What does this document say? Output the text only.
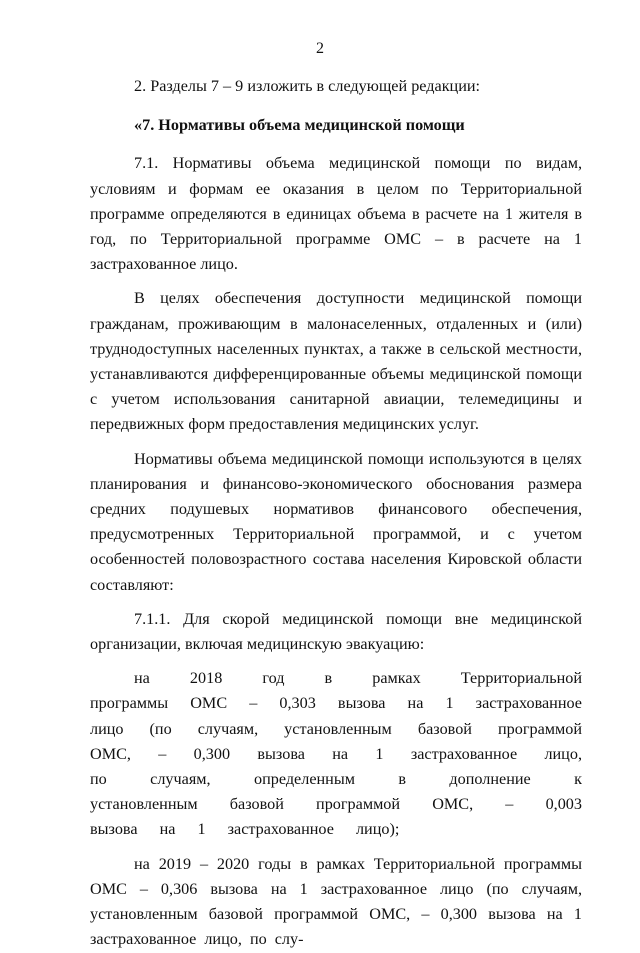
2

2. Разделы 7 – 9 изложить в следующей редакции:

«7. Нормативы объема медицинской помощи

7.1. Нормативы объема медицинской помощи по видам, условиям и формам ее оказания в целом по Территориальной программе определяются в единицах объема в расчете на 1 жителя в год, по Территориальной программе ОМС – в расчете на 1 застрахованное лицо.

В целях обеспечения доступности медицинской помощи гражданам, проживающим в малонаселенных, отдаленных и (или) труднодоступных населенных пунктах, а также в сельской местности, устанавливаются дифференцированные объемы медицинской помощи с учетом использования санитарной авиации, телемедицины и передвижных форм предоставления медицинских услуг.

Нормативы объема медицинской помощи используются в целях планирования и финансово-экономического обоснования размера средних подушевых нормативов финансового обеспечения, предусмотренных Территориальной программой, и с учетом особенностей половозрастного состава населения Кировской области составляют:

7.1.1. Для скорой медицинской помощи вне медицинской организации, включая медицинскую эвакуацию:

на 2018 год в рамках Территориальной программы ОМС – 0,303 вызова на 1 застрахованное лицо (по случаям, установленным базовой программой ОМС, – 0,300 вызова на 1 застрахованное лицо, по случаям, определенным в дополнение к установленным базовой программой ОМС, – 0,003 вызова на 1 застрахованное лицо);

на 2019 – 2020 годы в рамках Территориальной программы ОМС – 0,306 вызова на 1 застрахованное лицо (по случаям, установленным базовой программой ОМС, – 0,300 вызова на 1 застрахованное лицо, по слу-
